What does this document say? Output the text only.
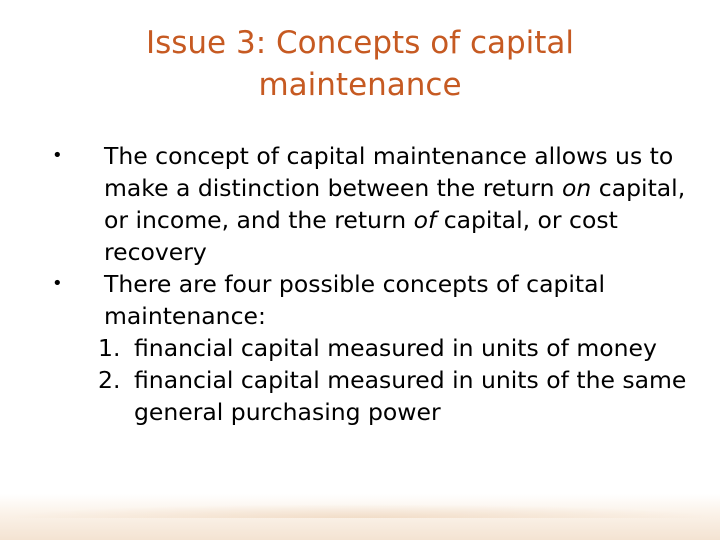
Issue 3: Concepts of capital
maintenance
•	The concept of capital maintenance allows us to make a distinction between the return on capital, or income, and the return of capital, or cost recovery
•	There are four possible concepts of capital maintenance:
1. financial capital measured in units of money
2. financial capital measured in units of the same general purchasing power
